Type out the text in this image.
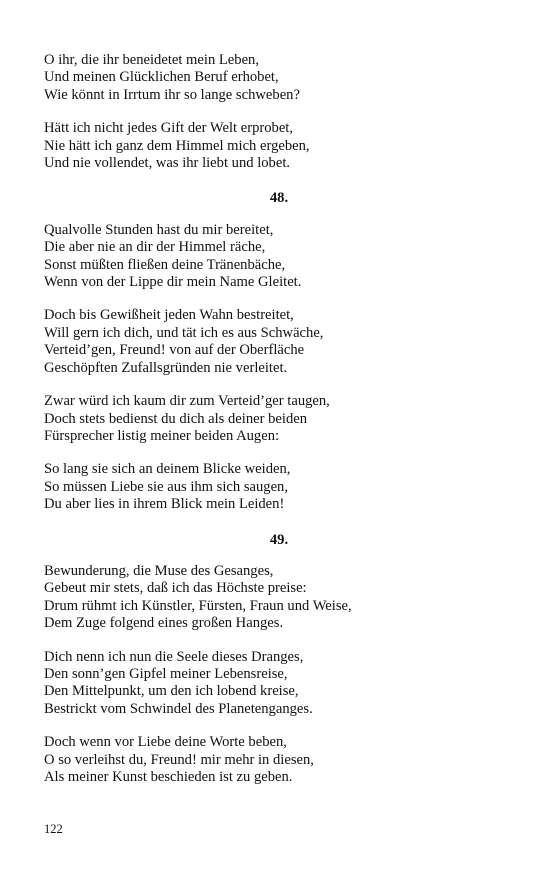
O ihr, die ihr beneidetet mein Leben,
Und meinen Glücklichen Beruf erhobet,
Wie könnt in Irrtum ihr so lange schweben?
Hätt ich nicht jedes Gift der Welt erprobet,
Nie hätt ich ganz dem Himmel mich ergeben,
Und nie vollendet, was ihr liebt und lobet.
48.
Qualvolle Stunden hast du mir bereitet,
Die aber nie an dir der Himmel räche,
Sonst müßten fließen deine Tränenbäche,
Wenn von der Lippe dir mein Name Gleitet.
Doch bis Gewißheit jeden Wahn bestreitet,
Will gern ich dich, und tät ich es aus Schwäche,
Verteid’gen, Freund! von auf der Oberfläche
Geschöpften Zufallsgründen nie verleitet.
Zwar würd ich kaum dir zum Verteid’ger taugen,
Doch stets bedienst du dich als deiner beiden
Fürsprecher listig meiner beiden Augen:
So lang sie sich an deinem Blicke weiden,
So müssen Liebe sie aus ihm sich saugen,
Du aber lies in ihrem Blick mein Leiden!
49.
Bewunderung, die Muse des Gesanges,
Gebeut mir stets, daß ich das Höchste preise:
Drum rühmt ich Künstler, Fürsten, Fraun und Weise,
Dem Zuge folgend eines großen Hanges.
Dich nenn ich nun die Seele dieses Dranges,
Den sonn’gen Gipfel meiner Lebensreise,
Den Mittelpunkt, um den ich lobend kreise,
Bestrickt vom Schwindel des Planetenganges.
Doch wenn vor Liebe deine Worte beben,
O so verleihst du, Freund! mir mehr in diesen,
Als meiner Kunst beschieden ist zu geben.
122
